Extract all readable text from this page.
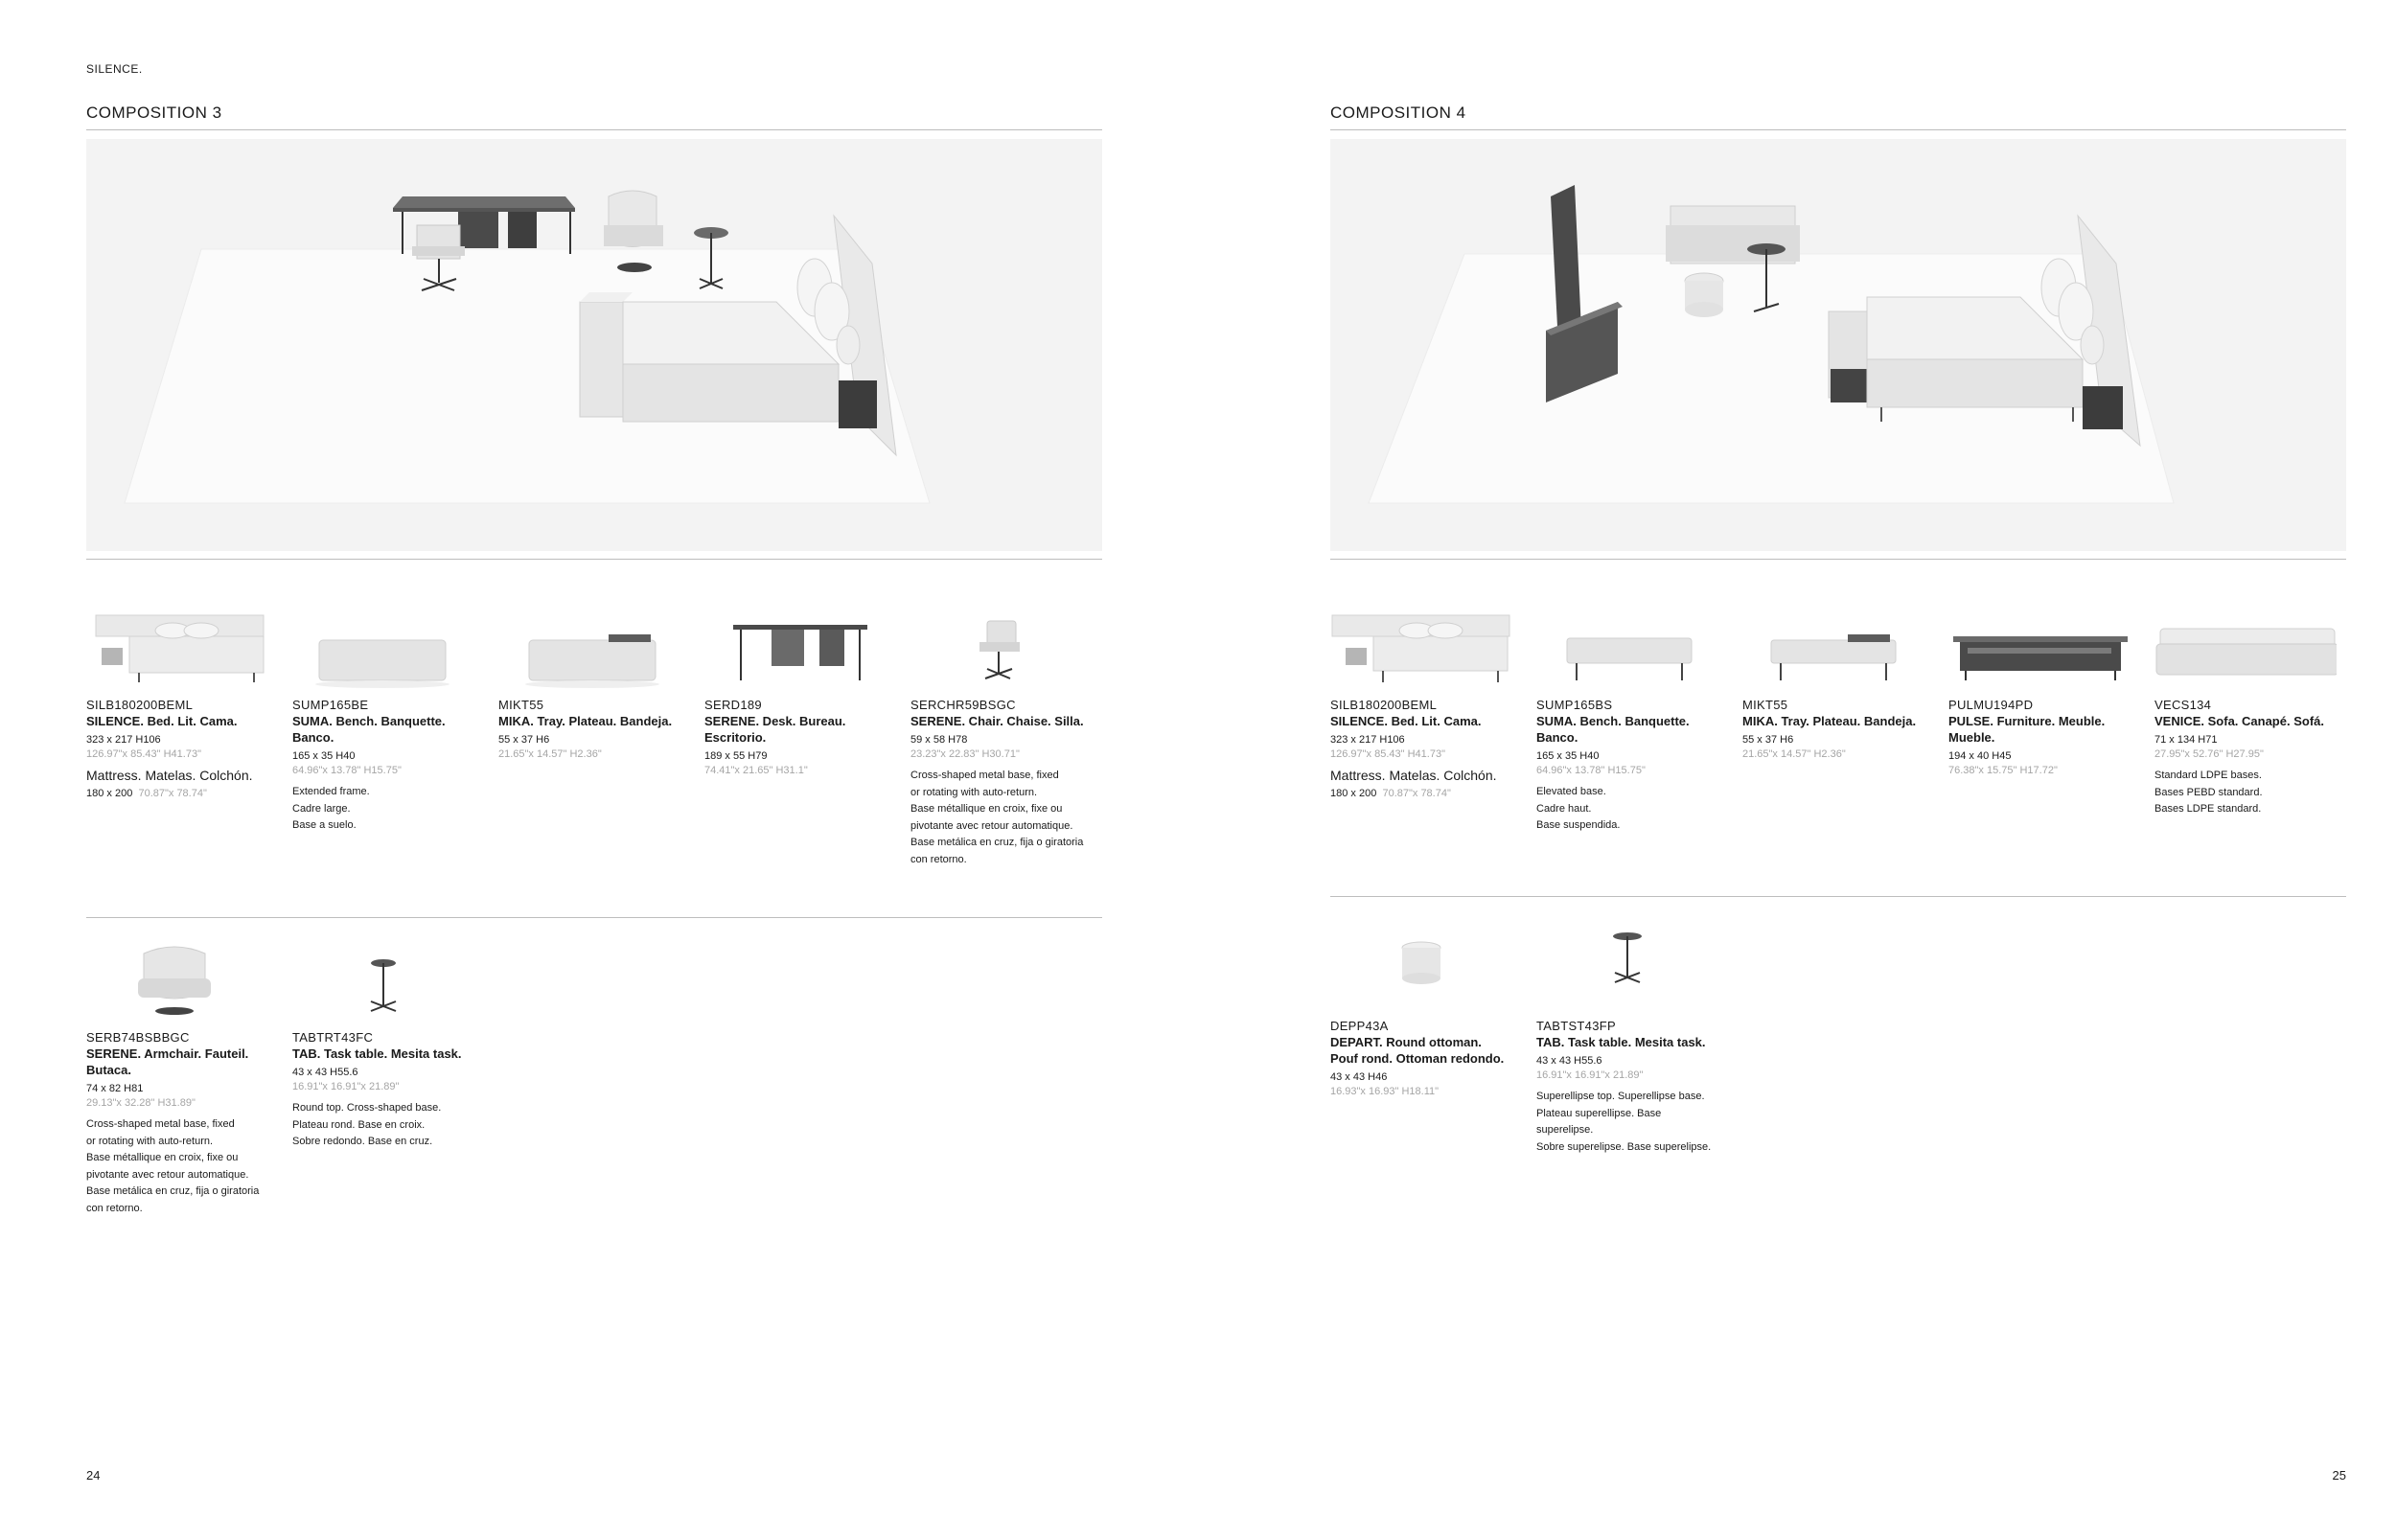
SILENCE.
COMPOSITION 3
SILB180200BEML
SILENCE. Bed. Lit. Cama.
323 x 217 H106
126.97"x 85.43" H41.73"
Mattress. Matelas. Colchón.
180 x 200 70.87"x 78.74"
SUMP165BE
SUMA. Bench. Banquette. Banco.
165 x 35 H40
64.96"x 13.78" H15.75"
Extended frame.
Cadre large.
Base a suelo.
MIKT55
MIKA. Tray. Plateau. Bandeja.
55 x 37 H6
21.65"x 14.57" H2.36"
SERD189
SERENE. Desk. Bureau. Escritorio.
189 x 55 H79
74.41"x 21.65" H31.1"
SERCHR59BSGC
SERENE. Chair. Chaise. Silla.
59 x 58 H78
23.23"x 22.83" H30.71"
Cross-shaped metal base, fixed
or rotating with auto-return.
Base métallique en croix, fixe ou
pivotante avec retour automatique.
Base metálica en cruz, fija o giratoria
con retorno.
SERB74BSBBGC
SERENE. Armchair. Fauteil. Butaca.
74 x 82 H81
29.13"x 32.28" H31.89"
Cross-shaped metal base, fixed
or rotating with auto-return.
Base métallique en croix, fixe ou
pivotante avec retour automatique.
Base metálica en cruz, fija o giratoria
con retorno.
TABTRT43FC
TAB. Task table. Mesita task.
43 x 43 H55.6
16.91"x 16.91"x 21.89"
Round top. Cross-shaped base.
Plateau rond. Base en croix.
Sobre redondo. Base en cruz.
24
COMPOSITION 4
SILB180200BEML
SILENCE. Bed. Lit. Cama.
323 x 217 H106
126.97"x 85.43" H41.73"
Mattress. Matelas. Colchón.
180 x 200 70.87"x 78.74"
SUMP165BS
SUMA. Bench. Banquette. Banco.
165 x 35 H40
64.96"x 13.78" H15.75"
Elevated base.
Cadre haut.
Base suspendida.
MIKT55
MIKA. Tray. Plateau. Bandeja.
55 x 37 H6
21.65"x 14.57" H2.36"
PULMU194PD
PULSE. Furniture. Meuble. Mueble.
194 x 40 H45
76.38"x 15.75" H17.72"
VECS134
VENICE. Sofa. Canapé. Sofá.
71 x 134 H71
27.95"x 52.76" H27.95"
Standard LDPE bases.
Bases PEBD standard.
Bases LDPE standard.
DEPP43A
DEPART. Round ottoman. Pouf rond. Ottoman redondo.
43 x 43 H46
16.93"x 16.93" H18.11"
TABTST43FP
TAB. Task table. Mesita task.
43 x 43 H55.6
16.91"x 16.91"x 21.89"
Superellipse top. Superellipse base.
Plateau superellipse. Base superelipse.
Sobre superelipse. Base superelipse.
25
